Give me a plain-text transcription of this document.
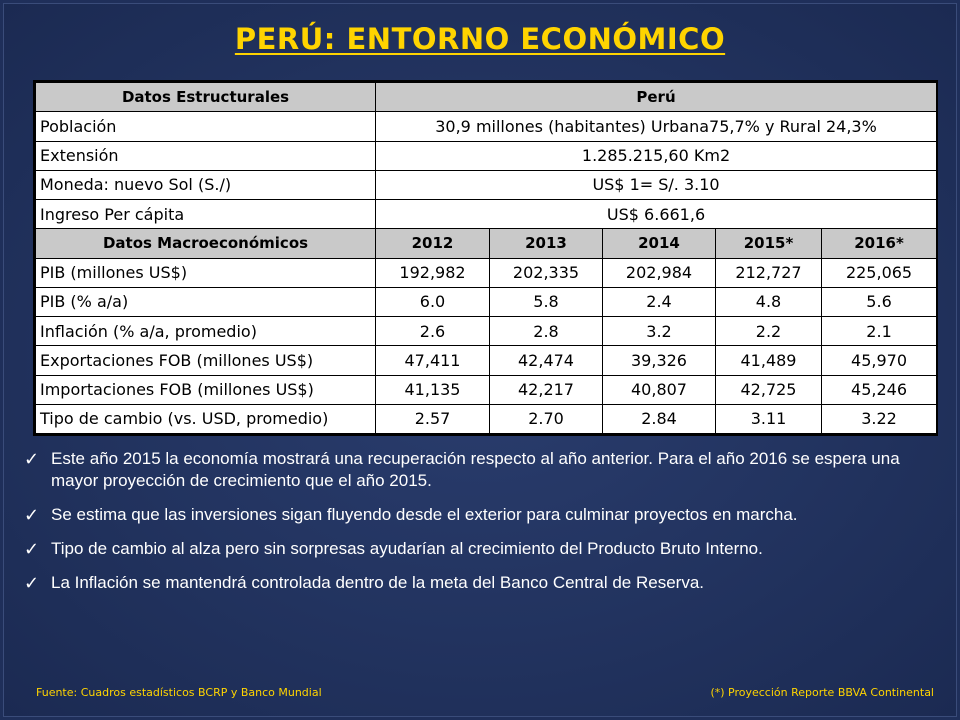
PERÚ: ENTORNO ECONÓMICO
Datos Estructurales	Perú				
Población	30,9 millones (habitantes) Urbana75,7% y Rural 24,3%				
Extensión	1.285.215,60 Km2				
Moneda: nuevo Sol (S./)	US$ 1= S/. 3.10				
Ingreso Per cápita	US$ 6.661,6				
Datos Macroeconómicos	2012	2013	2014	2015*	2016*
PIB (millones US$)	192,982	202,335	202,984	212,727	225,065
PIB (% a/a)	6.0	5.8	2.4	4.8	5.6
Inflación (% a/a, promedio)	2.6	2.8	3.2	2.2	2.1
Exportaciones FOB (millones US$)	47,411	42,474	39,326	41,489	45,970
Importaciones FOB (millones US$)	41,135	42,217	40,807	42,725	45,246
Tipo de cambio (vs. USD, promedio)	2.57	2.70	2.84	3.11	3.22
✓ Este año 2015 la economía mostrará una recuperación respecto al año anterior. Para el año 2016 se espera una mayor proyección de crecimiento que el año 2015.
✓ Se estima que las inversiones sigan fluyendo desde el exterior para culminar proyectos en marcha.
✓ Tipo de cambio al alza pero sin sorpresas ayudarían al crecimiento del Producto Bruto Interno.
✓ La Inflación se mantendrá controlada dentro de la meta del Banco Central de Reserva.
Fuente: Cuadros estadísticos BCRP y Banco Mundial	(*) Proyección Reporte BBVA Continental
